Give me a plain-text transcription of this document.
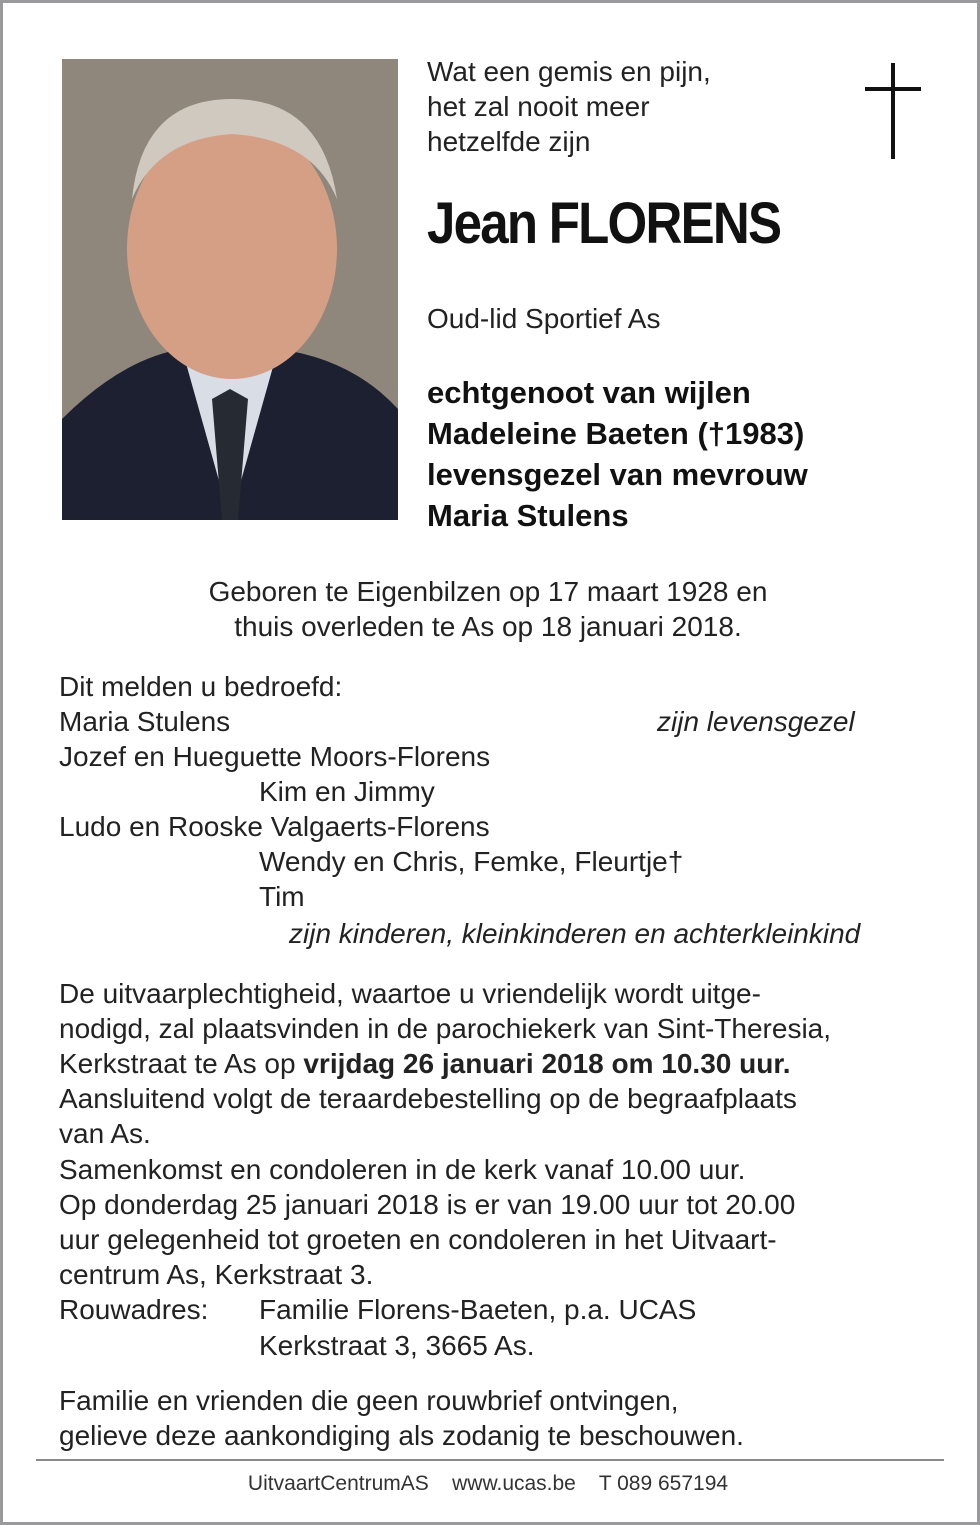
Wat een gemis en pijn,
het zal nooit meer
hetzelfde zijn
Jean FLORENS
Oud-lid Sportief As
echtgenoot van wijlen
Madeleine Baeten (†1983)
levensgezel van mevrouw
Maria Stulens
Geboren te Eigenbilzen op 17 maart 1928 en
thuis overleden te As op 18 januari 2018.
Dit melden u bedroefd:
Maria Stulens	zijn levensgezel
Jozef en Hueguette Moors-Florens
Kim en Jimmy
Ludo en Rooske Valgaerts-Florens
Wendy en Chris, Femke, Fleurtje†
Tim
zijn kinderen, kleinkinderen en achterkleinkind
De uitvaarplechtigheid, waartoe u vriendelijk wordt uitge-
nodigd, zal plaatsvinden in de parochiekerk van Sint-Theresia,
Kerkstraat te As op vrijdag 26 januari 2018 om 10.30 uur.
Aansluitend volgt de teraardebestelling op de begraafplaats
van As.
Samenkomst en condoleren in de kerk vanaf 10.00 uur.
Op donderdag 25 januari 2018 is er van 19.00 uur tot 20.00
uur gelegenheid tot groeten en condoleren in het Uitvaart-
centrum As, Kerkstraat 3.
Rouwadres: Familie Florens-Baeten, p.a. UCAS
Kerkstraat 3, 3665 As.
Familie en vrienden die geen rouwbrief ontvingen,
gelieve deze aankondiging als zodanig te beschouwen.
UitvaartCentrumAS www.ucas.be T 089 657194
